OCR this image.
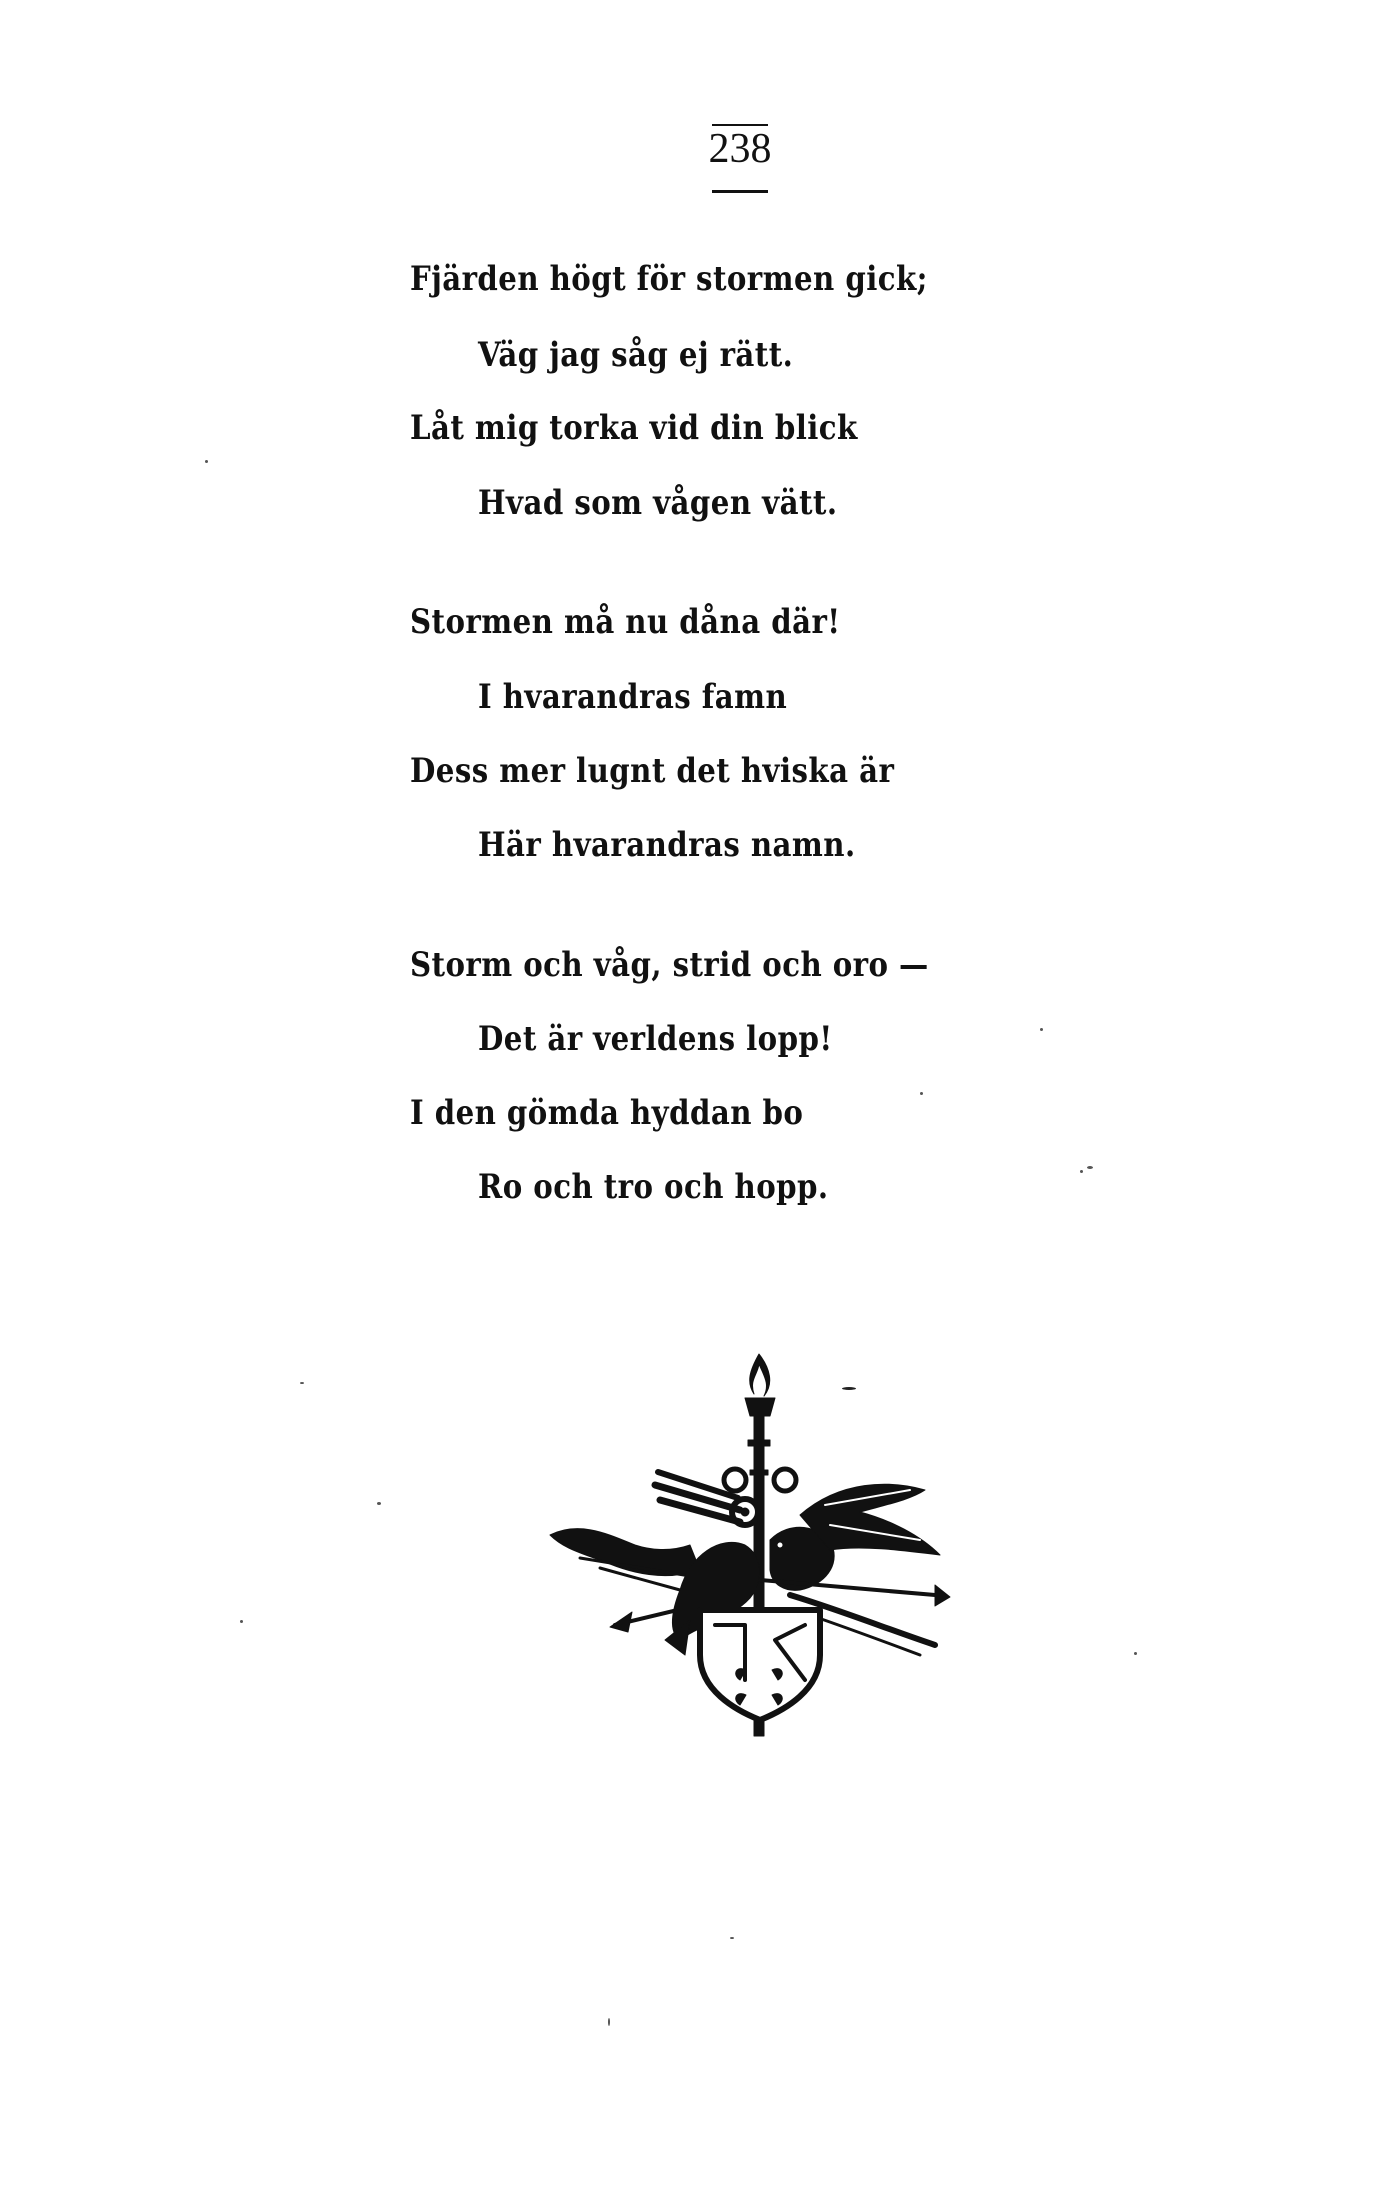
238
Fjärden högt för stormen gick;
Väg jag såg ej rätt.
Låt mig torka vid din blick
Hvad som vågen vätt.
Stormen må nu dåna där!
I hvarandras famn
Dess mer lugnt det hviska är
Här hvarandras namn.
Storm och våg, strid och oro —
Det är verldens lopp!
I den gömda hyddan bo
Ro och tro och hopp.
